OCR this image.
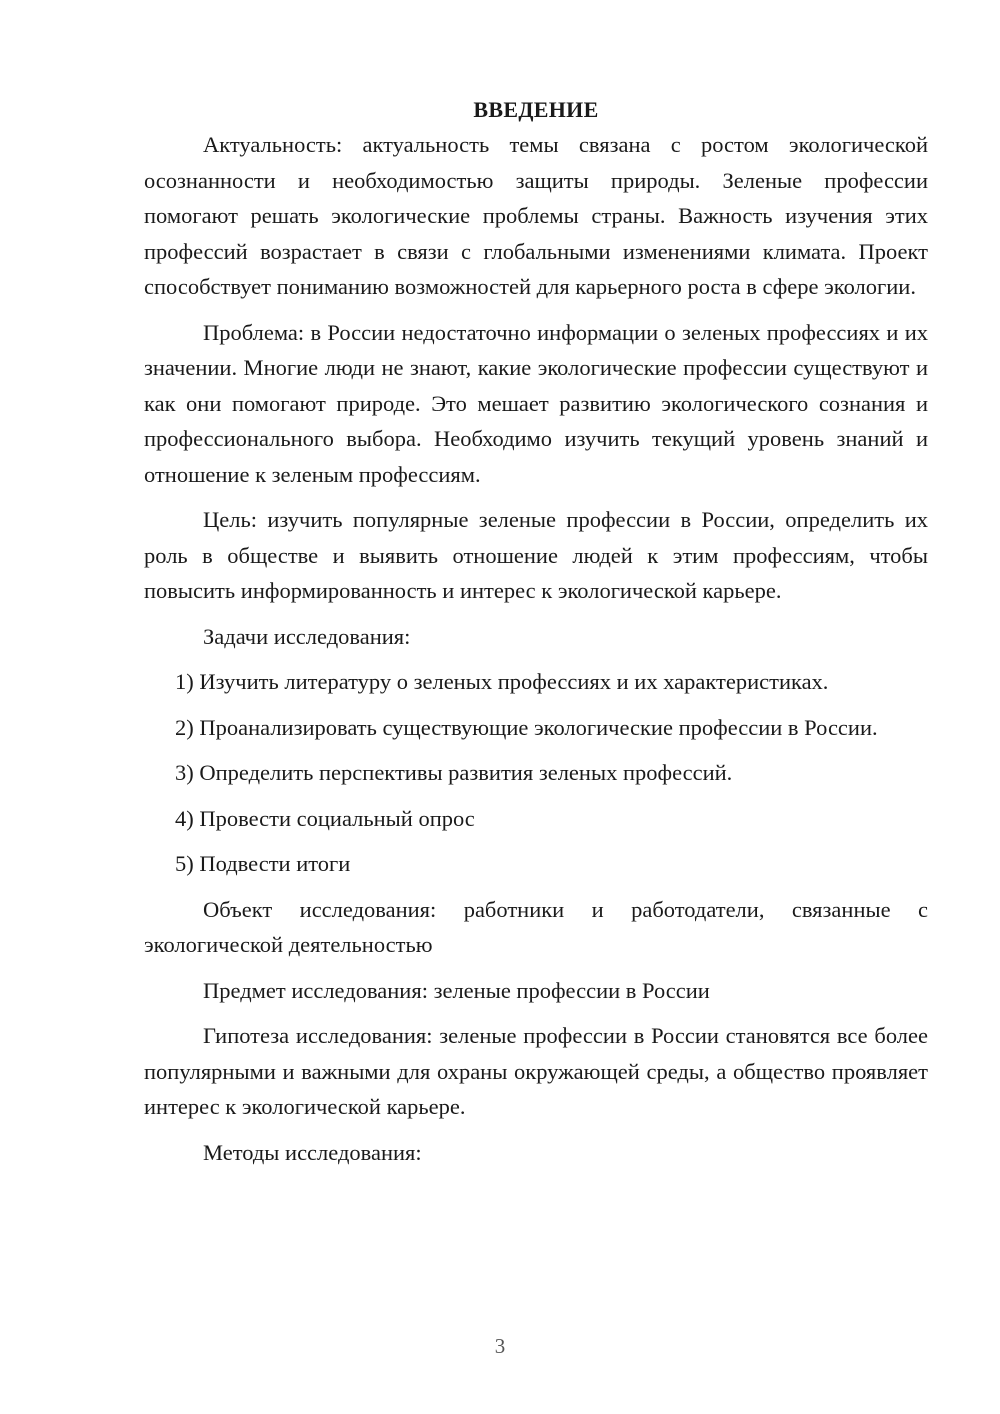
ВВЕДЕНИЕ

Актуальность: актуальность темы связана с ростом экологической осознанности и необходимостью защиты природы. Зеленые профессии помогают решать экологические проблемы страны. Важность изучения этих профессий возрастает в связи с глобальными изменениями климата. Проект способствует пониманию возможностей для карьерного роста в сфере экологии.

Проблема: в России недостаточно информации о зеленых профессиях и их значении. Многие люди не знают, какие экологические профессии существуют и как они помогают природе. Это мешает развитию экологического сознания и профессионального выбора. Необходимо изучить текущий уровень знаний и отношение к зеленым профессиям.

Цель: изучить популярные зеленые профессии в России, определить их роль в обществе и выявить отношение людей к этим профессиям, чтобы повысить информированность и интерес к экологической карьере.

Задачи исследования:

1) Изучить литературу о зеленых профессиях и их характеристиках.

2) Проанализировать существующие экологические профессии в России.

3) Определить перспективы развития зеленых профессий.

4) Провести социальный опрос

5) Подвести итоги

Объект исследования: работники и работодатели, связанные с экологической деятельностью

Предмет исследования: зеленые профессии в России

Гипотеза исследования: зеленые профессии в России становятся все более популярными и важными для охраны окружающей среды, а общество проявляет интерес к экологической карьере.

Методы исследования:

3
